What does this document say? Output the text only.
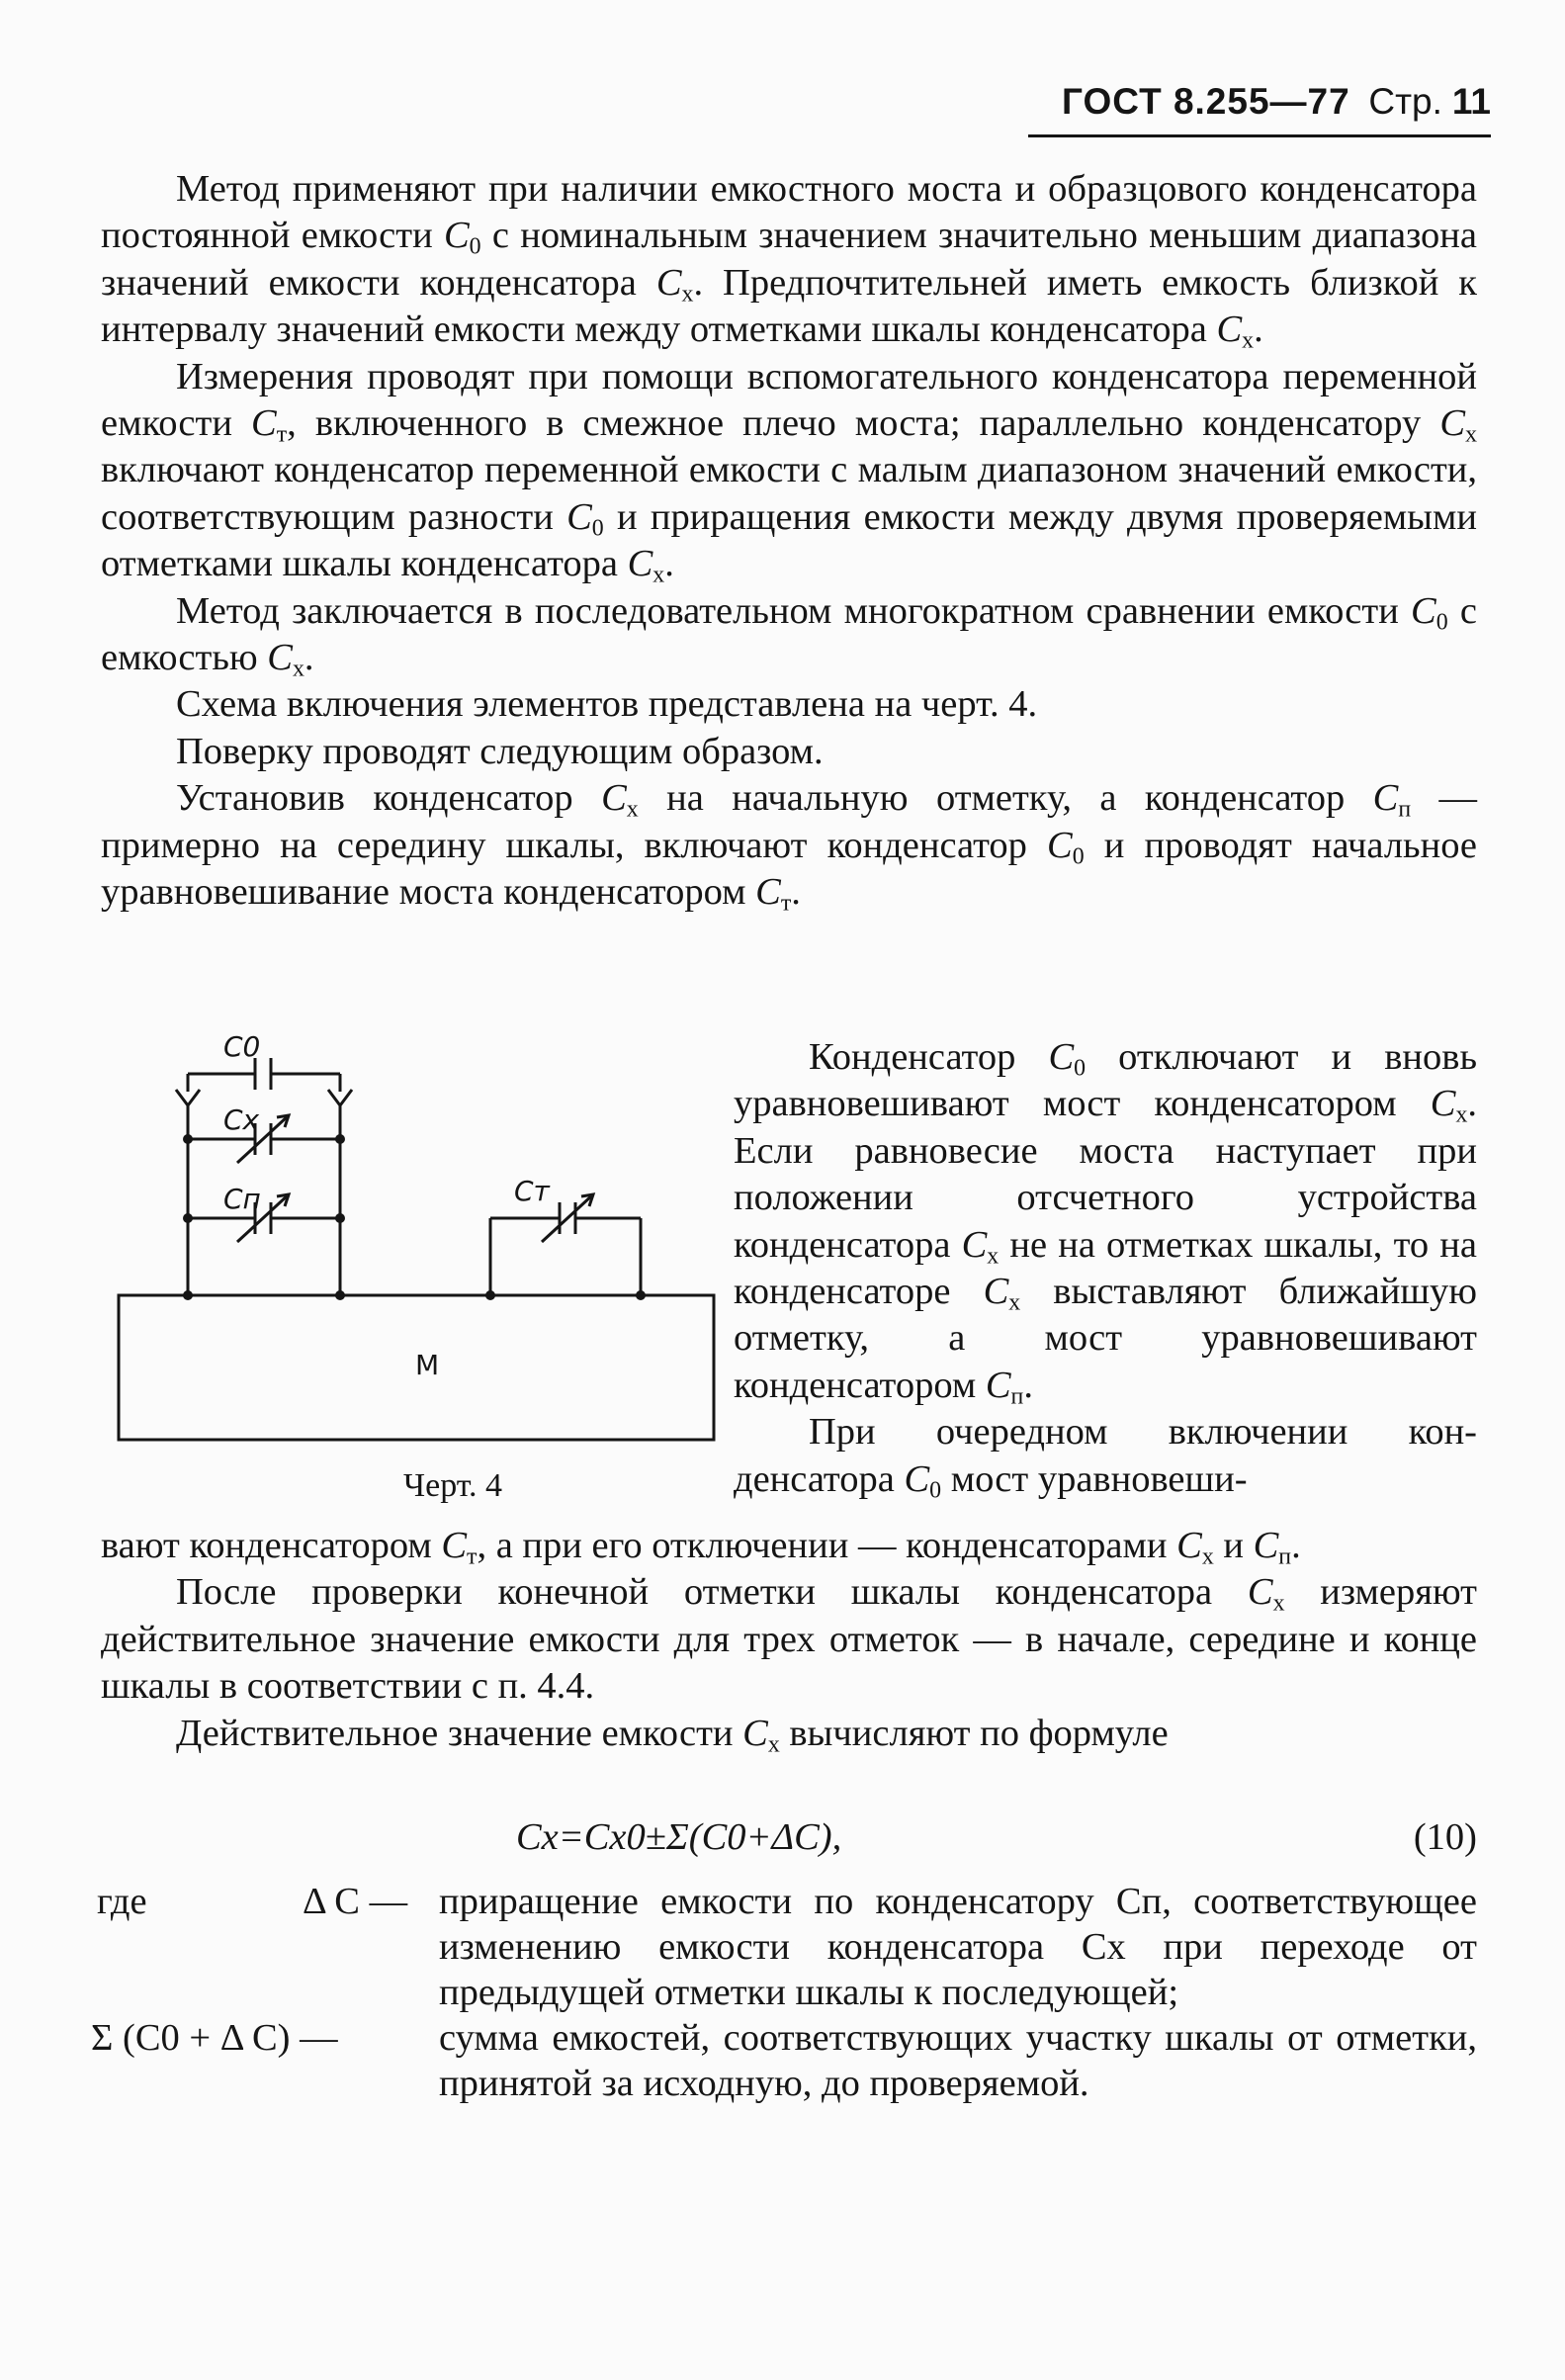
ГОСТ 8.255—77 Стр. 11

Метод применяют при наличии емкостного моста и образцового конденсатора постоянной емкости $C_0$ с номинальным значением значительно меньшим диапазона значений емкости конденсатора $C_x$. Предпочтительней иметь емкость близкой к интервалу значений емкости между отметками шкалы конденсатора $C_x$.

Измерения проводят при помощи вспомогательного конденсатора переменной емкости $C_т$, включенного в смежное плечо моста; параллельно конденсатору $C_x$ включают конденсатор переменной емкости с малым диапазоном значений емкости, соответствующим разности $C_0$ и приращения емкости между двумя проверяемыми отметками шкалы конденсатора $C_x$.

Метод заключается в последовательном многократном сравнении емкости $C_0$ с емкостью $C_x$.

Схема включения элементов представлена на черт. 4.

Поверку проводят следующим образом.

Установив конденсатор $C_x$ на начальную отметку, а конденсатор $C_п$ — примерно на середину шкалы, включают конденсатор $C_0$ и проводят начальное уравновешивание моста конденсатором $C_т$.

C0
Cx
Cп	Cт
М
Черт. 4

Конденсатор $C_0$ отключают и вновь уравновешивают мост конденсатором $C_x$. Если равновесие моста наступает при положении отсчетного устройства конденсатора $C_x$ не на отметках шкалы, то на конденсаторе $C_x$ выставляют ближайшую отметку, а мост уравновешивают конденсатором $C_п$.

При очередном включении кон-денсатора $C_0$ мост уравновеши-

вают конденсатором $C_т$, а при его отключении — конденсаторами $C_x$ и $C_п$.

После проверки конечной отметки шкалы конденсатора $C_x$ измеряют действительное значение емкости для трех отметок — в начале, середине и конце шкалы в соответствии с п. 4.4.

Действительное значение емкости $C_x$ вычисляют по формуле

Cx=Cx0±Σ(C0+ΔC),	(10)
где	Δ C — приращение емкости по конденсатору Cп, соответствующее изменению емкости конденсатора Cx при переходе от предыдущей отметки шкалы к последующей;
Σ (C0 + Δ C) —	сумма емкостей, соответствующих участку шкалы от отметки, принятой за исходную, до проверяемой.
